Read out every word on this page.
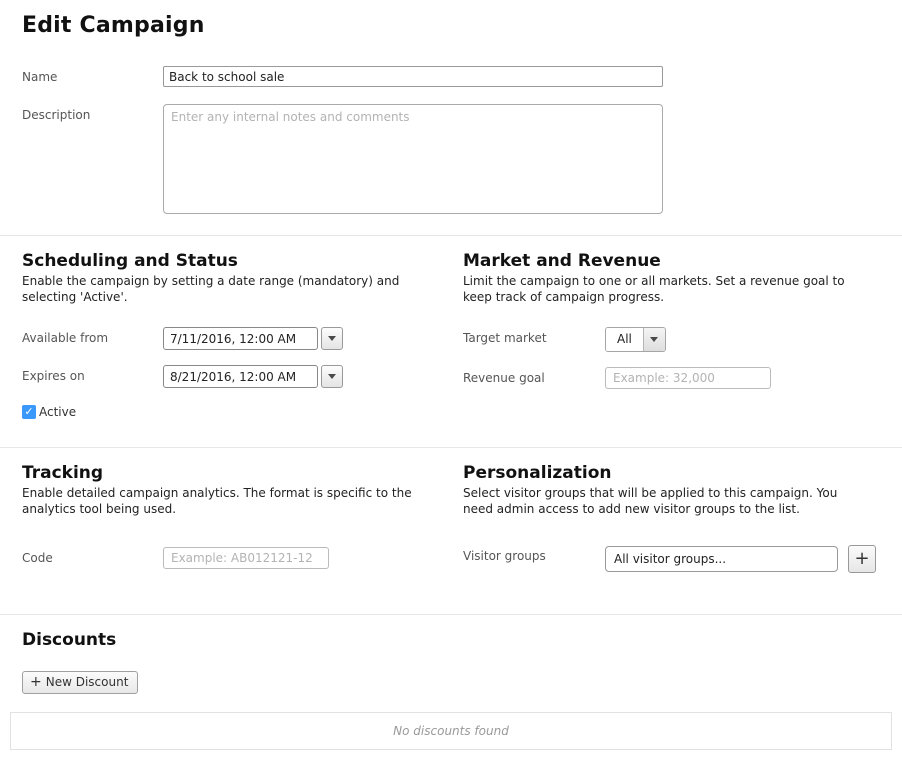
Edit Campaign
Name
Back to school sale
Description
Enter any internal notes and comments
Scheduling and Status
Enable the campaign by setting a date range (mandatory) and selecting 'Active'.
Available from
7/11/2016, 12:00 AM
Expires on
8/21/2016, 12:00 AM
✓ Active
Market and Revenue
Limit the campaign to one or all markets. Set a revenue goal to keep track of campaign progress.
Target market	All
Revenue goal
Example: 32,000
Tracking
Enable detailed campaign analytics. The format is specific to the analytics tool being used.
Code
Example: AB012121-12
Personalization
Select visitor groups that will be applied to this campaign. You need admin access to add new visitor groups to the list.
Visitor groups
All visitor groups...	+
Discounts
+ New Discount
No discounts found
